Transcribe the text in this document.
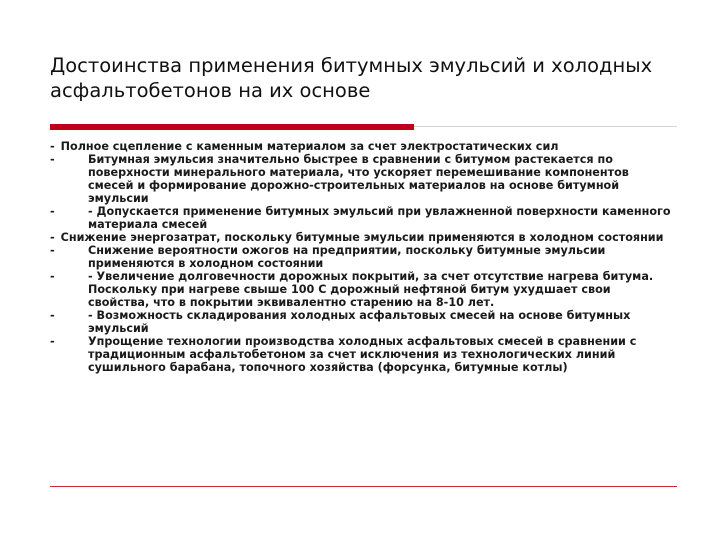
Достоинства применения битумных эмульсий и холодных
асфальтобетонов на их основе

- Полное сцепление с каменным материалом за счет электростатических сил

-	Битумная эмульсия значительно быстрее в сравнении с битумом растекается по поверхности минерального материала, что ускоряет перемешивание компонентов смесей и формирование дорожно-строительных материалов на основе битумной эмульсии

-	- Допускается применение битумных эмульсий при увлажненной поверхности каменного материала смесей

- Снижение энергозатрат, поскольку битумные эмульсии применяются в холодном состоянии

-	Снижение вероятности ожогов на предприятии, поскольку битумные эмульсии применяются в холодном состоянии

-	- Увеличение долговечности дорожных покрытий, за счет отсутствие нагрева битума. Поскольку при нагреве свыше 100 С дорожный нефтяной битум ухудшает свои свойства, что в покрытии эквивалентно старению на 8-10 лет.

-	- Возможность складирования холодных асфальтовых смесей на основе битумных эмульсий

-	Упрощение технологии производства холодных асфальтовых смесей в сравнении с традиционным асфальтобетоном за счет исключения из технологических линий сушильного барабана, топочного хозяйства (форсунка, битумные котлы)
